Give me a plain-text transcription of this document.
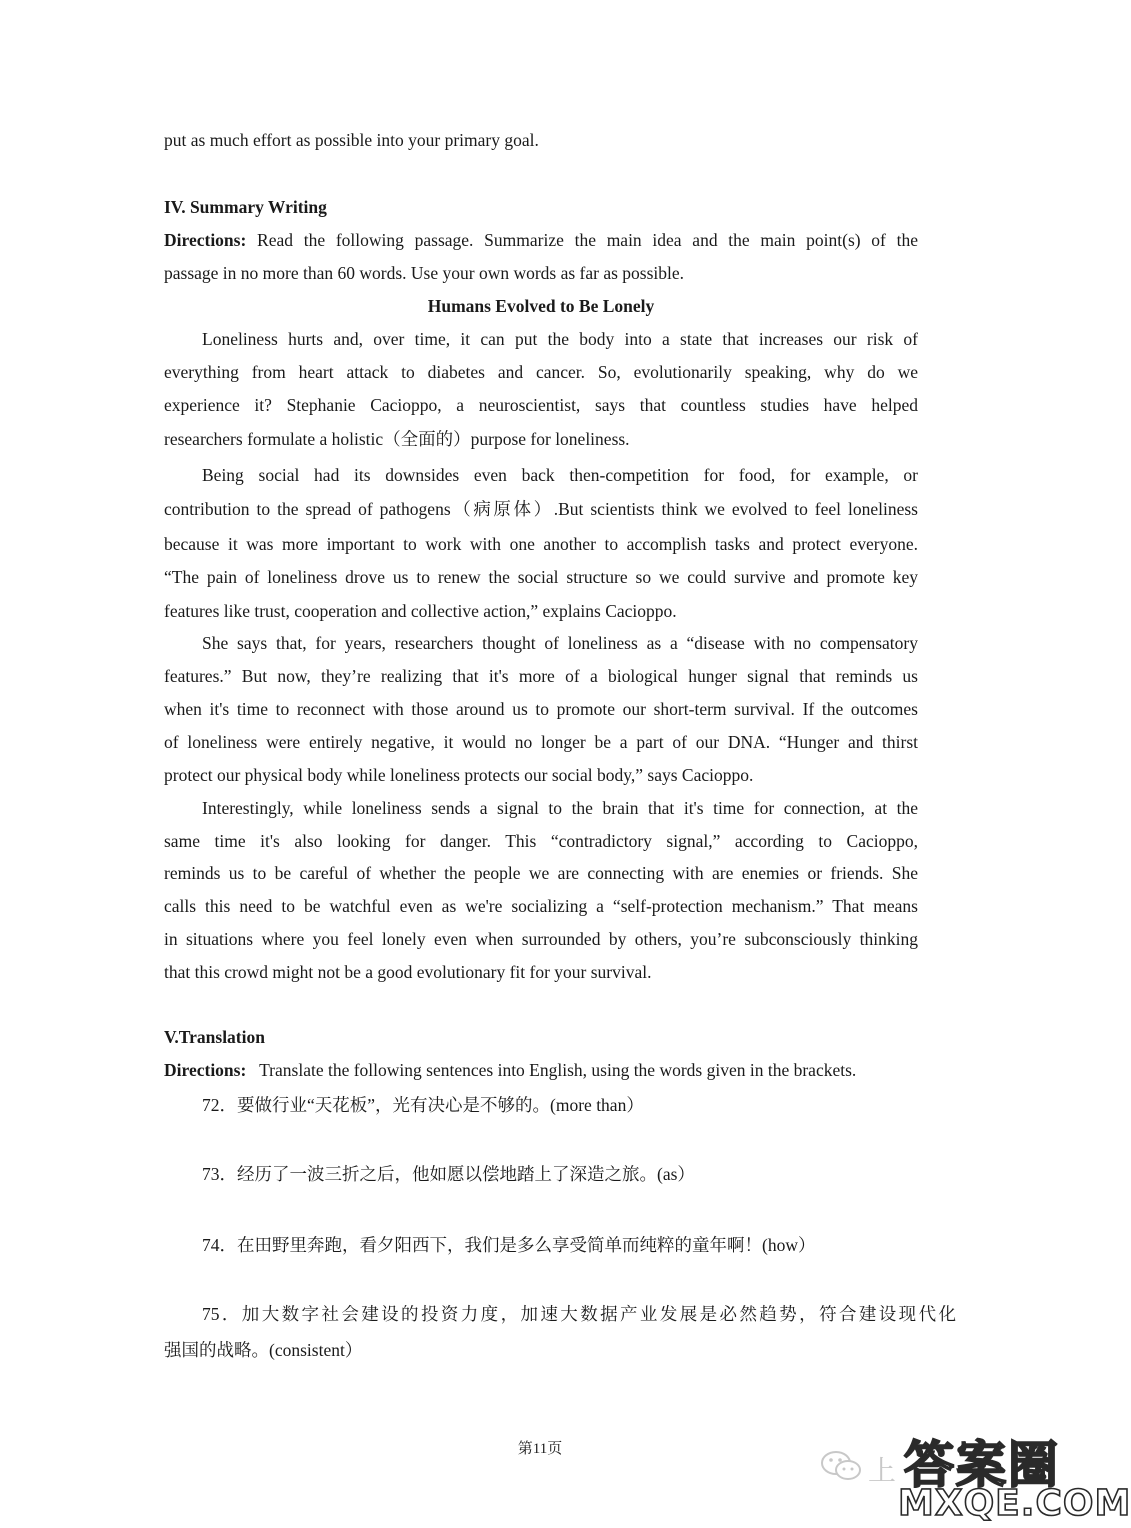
put as much effort as possible into your primary goal.
IV. Summary Writing
Directions: Read the following passage. Summarize the main idea and the main point(s) of the
passage in no more than 60 words. Use your own words as far as possible.
Humans Evolved to Be Lonely
Loneliness hurts and, over time, it can put the body into a state that increases our risk of
everything from heart attack to diabetes and cancer. So, evolutionarily speaking, why do we
experience it? Stephanie Cacioppo, a neuroscientist, says that countless studies have helped
researchers formulate a holistic（全面的）purpose for loneliness.
Being social had its downsides even back then-competition for food, for example, or
contribution to the spread of pathogens（病原体）.But scientists think we evolved to feel loneliness
because it was more important to work with one another to accomplish tasks and protect everyone.
“The pain of loneliness drove us to renew the social structure so we could survive and promote key
features like trust, cooperation and collective action,” explains Cacioppo.
She says that, for years, researchers thought of loneliness as a “disease with no compensatory
features.” But now, they’re realizing that it's more of a biological hunger signal that reminds us
when it's time to reconnect with those around us to promote our short-term survival. If the outcomes
of loneliness were entirely negative, it would no longer be a part of our DNA. “Hunger and thirst
protect our physical body while loneliness protects our social body,” says Cacioppo.
Interestingly, while loneliness sends a signal to the brain that it's time for connection, at the
same time it's also looking for danger. This “contradictory signal,” according to Cacioppo,
reminds us to be careful of whether the people we are connecting with are enemies or friends. She
calls this need to be watchful even as we're socializing a “self-protection mechanism.” That means
in situations where you feel lonely even when surrounded by others, you’re subconsciously thinking
that this crowd might not be a good evolutionary fit for your survival.
V.Translation
Directions:   Translate the following sentences into English, using the words given in the brackets.
72．要做行业“天花板”，光有决心是不够的。(more than）
73．经历了一波三折之后，他如愿以偿地踏上了深造之旅。(as）
74．在田野里奔跑，看夕阳西下，我们是多么享受简单而纯粹的童年啊！(how）
75．加大数字社会建设的投资力度，加速大数据产业发展是必然趋势，符合建设现代化
强国的战略。(consistent）
第11页
上 答案圈
MXQE.COM
